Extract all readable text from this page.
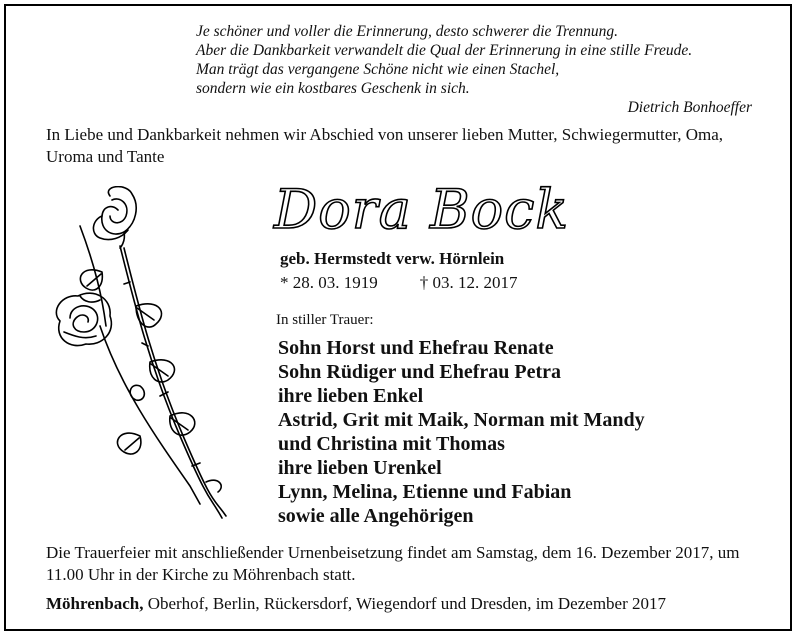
Je schöner und voller die Erinnerung, desto schwerer die Trennung.
Aber die Dankbarkeit verwandelt die Qual der Erinnerung in eine stille Freude.
Man trägt das vergangene Schöne nicht wie einen Stachel,
sondern wie ein kostbares Geschenk in sich.
Dietrich Bonhoeffer
In Liebe und Dankbarkeit nehmen wir Abschied von unserer lieben Mutter, Schwiegermutter, Oma, Uroma und Tante
Dora Bock
geb. Hermstedt verw. Hörnlein
* 28. 03. 1919 † 03. 12. 2017
In stiller Trauer:
Sohn Horst und Ehefrau Renate
Sohn Rüdiger und Ehefrau Petra
ihre lieben Enkel
Astrid, Grit mit Maik, Norman mit Mandy
und Christina mit Thomas
ihre lieben Urenkel
Lynn, Melina, Etienne und Fabian
sowie alle Angehörigen
Die Trauerfeier mit anschließender Urnenbeisetzung findet am Samstag, dem 16. Dezember 2017, um 11.00 Uhr in der Kirche zu Möhrenbach statt.
Möhrenbach, Oberhof, Berlin, Rückersdorf, Wiegendorf und Dresden, im Dezember 2017
